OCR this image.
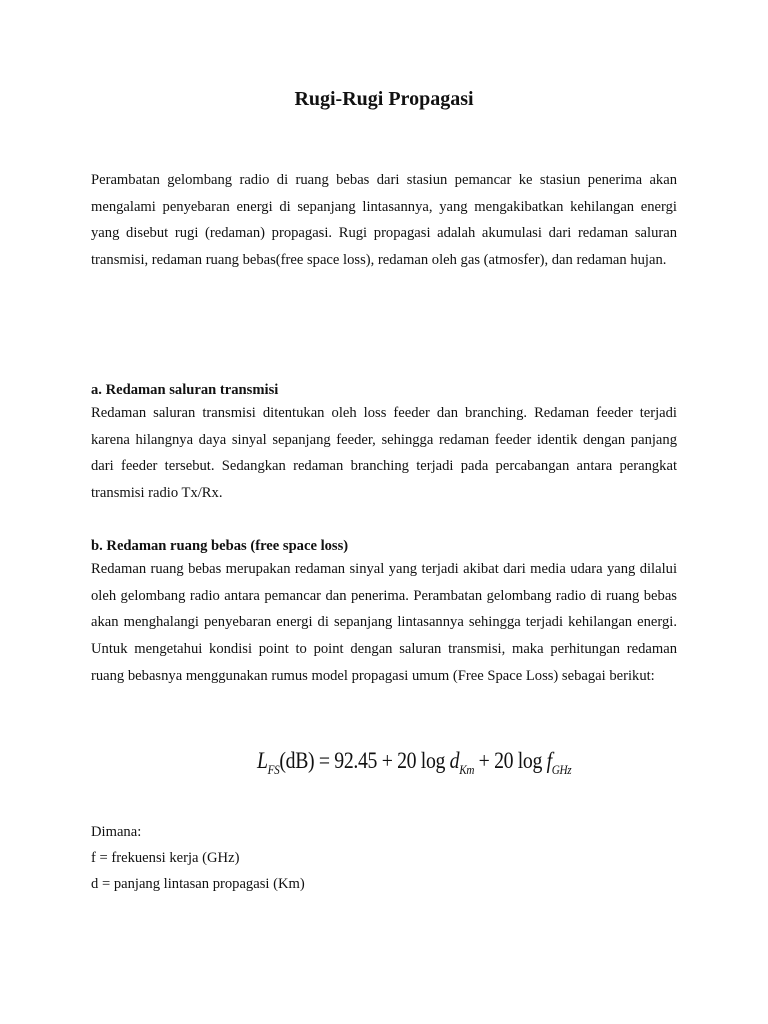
Rugi-Rugi Propagasi

Perambatan gelombang radio di ruang bebas dari stasiun pemancar ke stasiun penerima akan mengalami penyebaran energi di sepanjang lintasannya, yang mengakibatkan kehilangan energi yang disebut rugi (redaman) propagasi. Rugi propagasi adalah akumulasi dari redaman saluran transmisi, redaman ruang bebas(free space loss), redaman oleh gas (atmosfer), dan redaman hujan.

a. Redaman saluran transmisi

Redaman saluran transmisi ditentukan oleh loss feeder dan branching. Redaman feeder terjadi karena hilangnya daya sinyal sepanjang feeder, sehingga redaman feeder identik dengan panjang dari feeder tersebut. Sedangkan redaman branching terjadi pada percabangan antara perangkat transmisi radio Tx/Rx.

b. Redaman ruang bebas (free space loss)

Redaman ruang bebas merupakan redaman sinyal yang terjadi akibat dari media udara yang dilalui oleh gelombang radio antara pemancar dan penerima. Perambatan gelombang radio di ruang bebas akan menghalangi penyebaran energi di sepanjang lintasannya sehingga terjadi kehilangan energi. Untuk mengetahui kondisi point to point dengan saluran transmisi, maka perhitungan redaman ruang bebasnya menggunakan rumus model propagasi umum (Free Space Loss) sebagai berikut:

$L_{FS}(dB) = 92.45 + 20$ $\log d_{Km} + 20$ $\log f_{GHz}$

Dimana:

f = frekuensi kerja (GHz)

d = panjang lintasan propagasi (Km)
